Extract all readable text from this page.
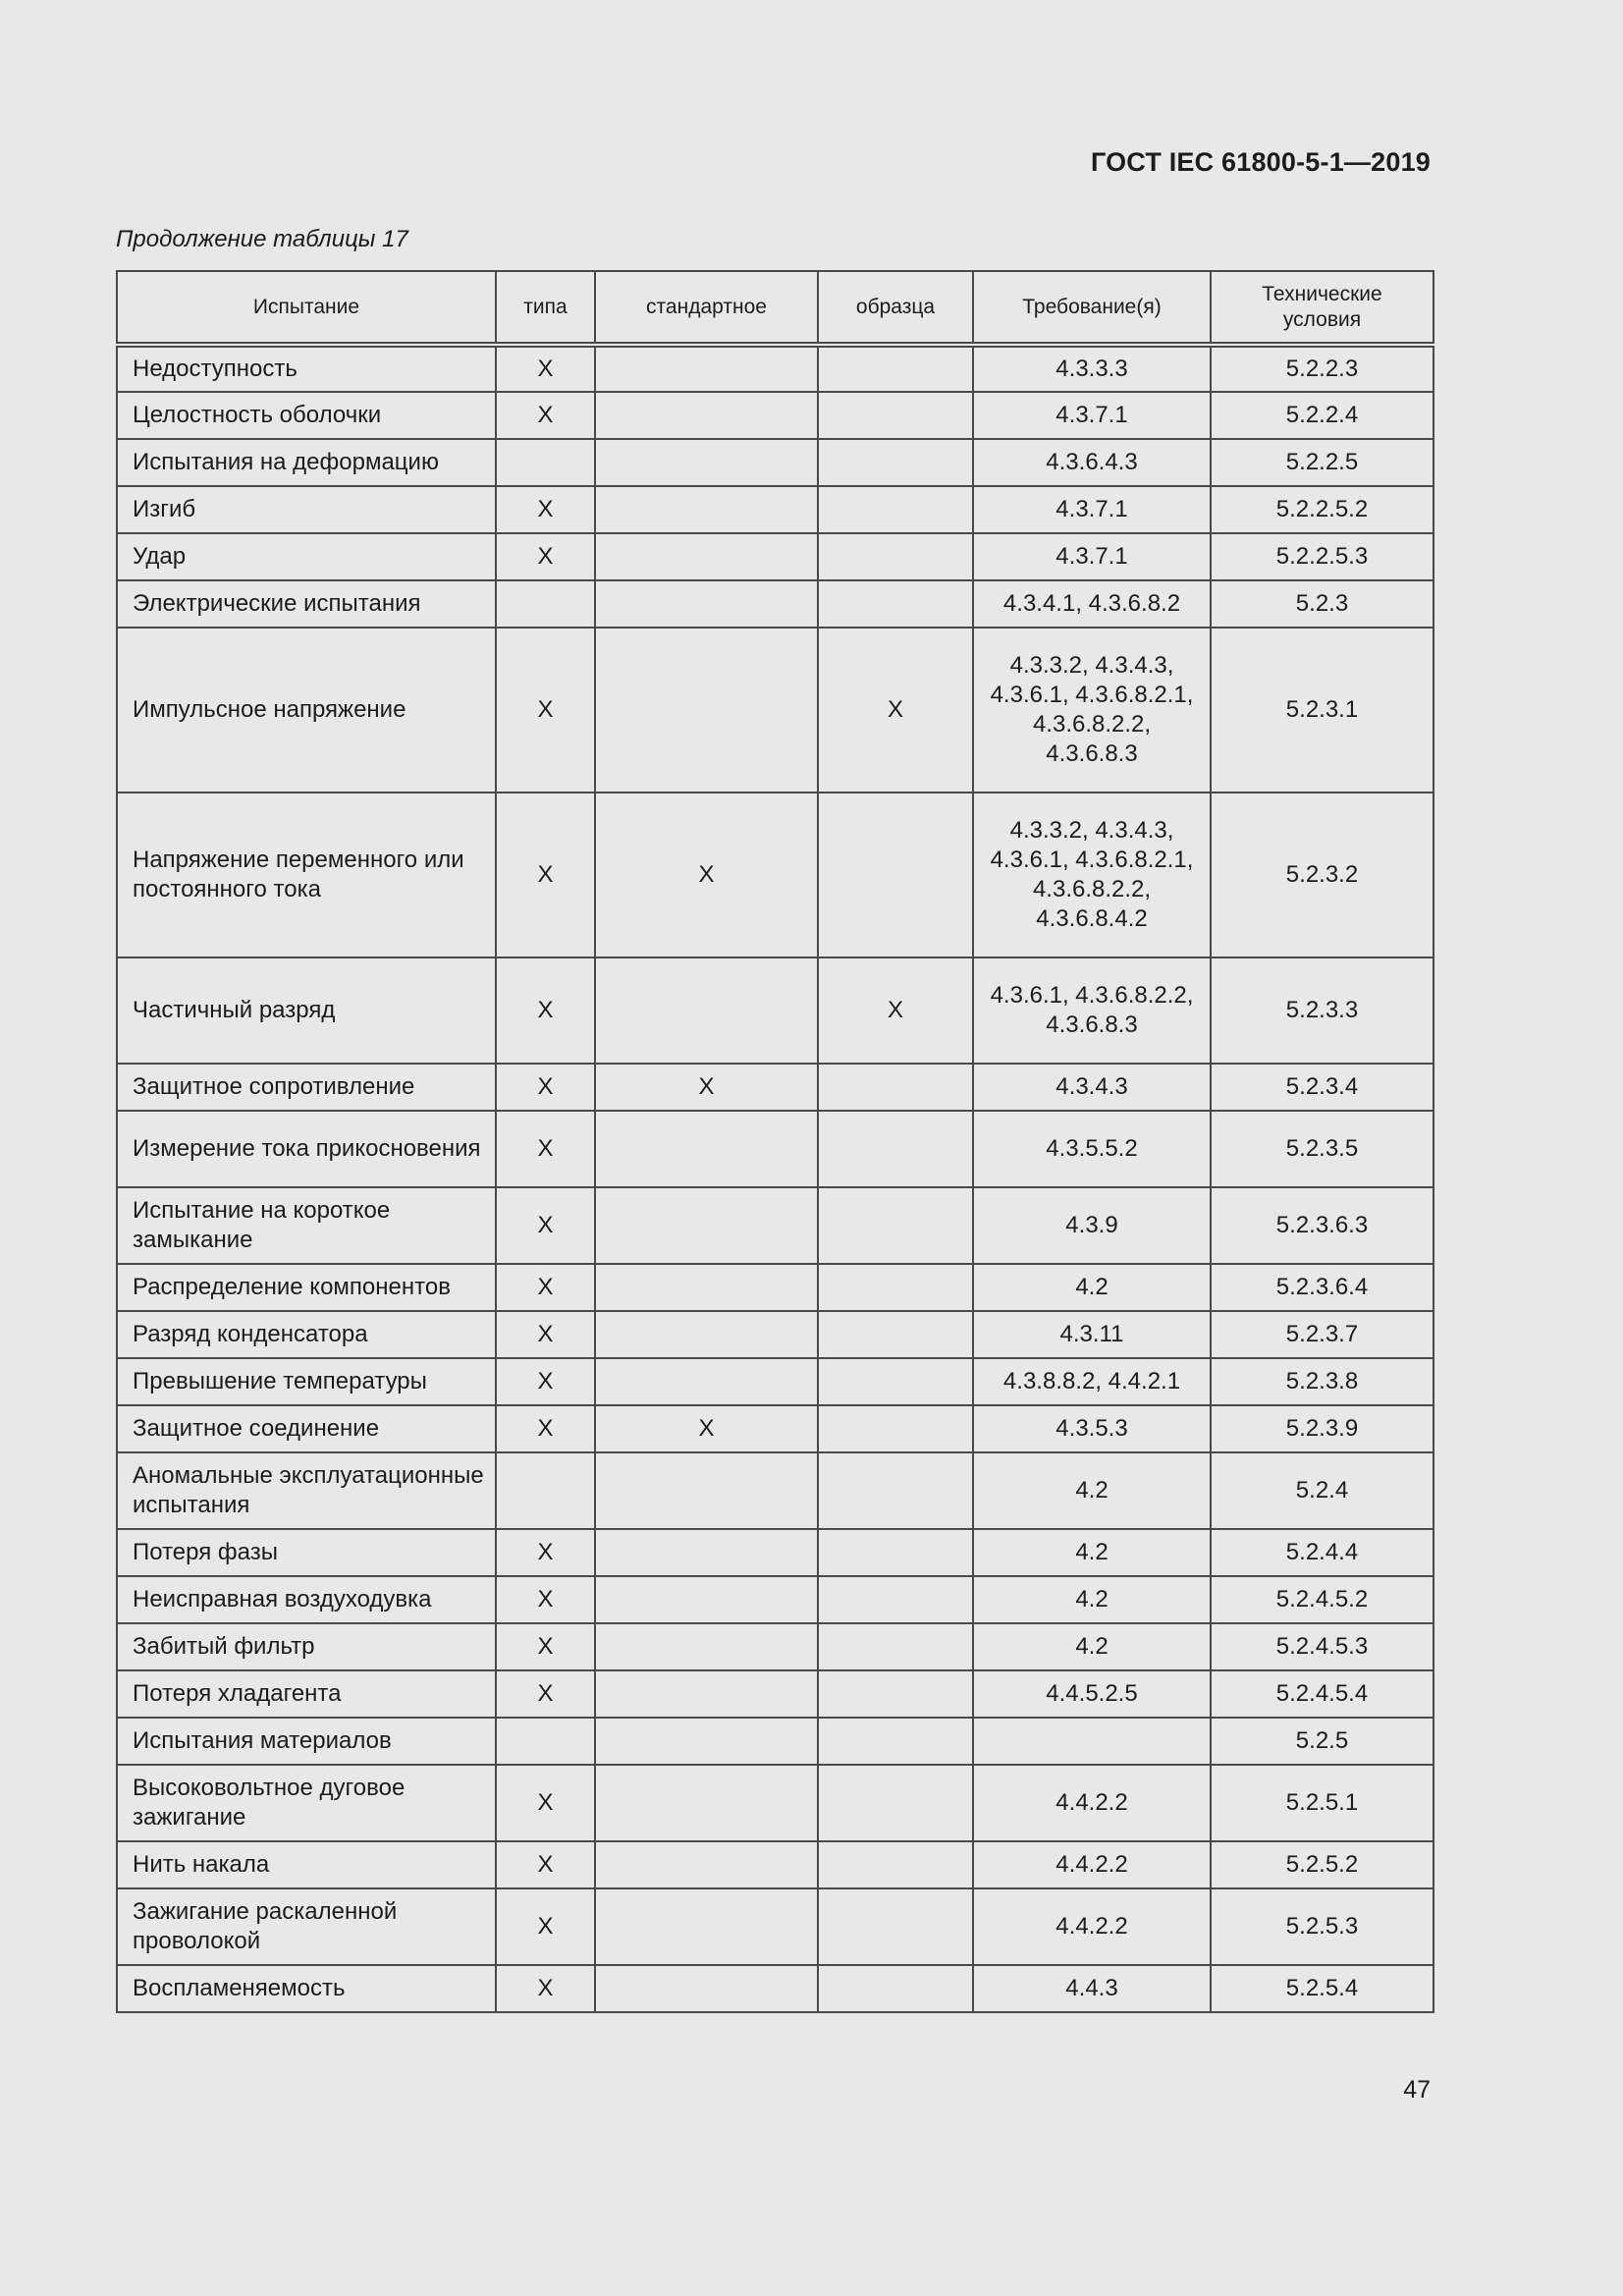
ГОСТ IEC 61800-5-1—2019
Продолжение таблицы 17
Испытание	типа	стандартное	образца	Требование(я)	Технические условия
Недоступность	X			4.3.3.3	5.2.2.3
Целостность оболочки	X			4.3.7.1	5.2.2.4
Испытания на деформацию				4.3.6.4.3	5.2.2.5
Изгиб	X			4.3.7.1	5.2.2.5.2
Удар	X			4.3.7.1	5.2.2.5.3
Электрические испытания				4.3.4.1, 4.3.6.8.2	5.2.3
Импульсное напряжение	X		X	4.3.3.2, 4.3.4.3, 4.3.6.1, 4.3.6.8.2.1, 4.3.6.8.2.2, 4.3.6.8.3	5.2.3.1
Напряжение переменного или постоянного тока	X	X		4.3.3.2, 4.3.4.3, 4.3.6.1, 4.3.6.8.2.1, 4.3.6.8.2.2, 4.3.6.8.4.2	5.2.3.2
Частичный разряд	X		X	4.3.6.1, 4.3.6.8.2.2, 4.3.6.8.3	5.2.3.3
Защитное сопротивление	X	X		4.3.4.3	5.2.3.4
Измерение тока прикосновения	X			4.3.5.5.2	5.2.3.5
Испытание на короткое замыкание	X			4.3.9	5.2.3.6.3
Распределение компонентов	X			4.2	5.2.3.6.4
Разряд конденсатора	X			4.3.11	5.2.3.7
Превышение температуры	X			4.3.8.8.2, 4.4.2.1	5.2.3.8
Защитное соединение	X	X		4.3.5.3	5.2.3.9
Аномальные эксплуатационные испытания				4.2	5.2.4
Потеря фазы	X			4.2	5.2.4.4
Неисправная воздуходувка	X			4.2	5.2.4.5.2
Забитый фильтр	X			4.2	5.2.4.5.3
Потеря хладагента	X			4.4.5.2.5	5.2.4.5.4
Испытания материалов					5.2.5
Высоковольтное дуговое зажигание	X			4.4.2.2	5.2.5.1
Нить накала	X			4.4.2.2	5.2.5.2
Зажигание раскаленной проволокой	X			4.4.2.2	5.2.5.3
Воспламеняемость	X			4.4.3	5.2.5.4
47
